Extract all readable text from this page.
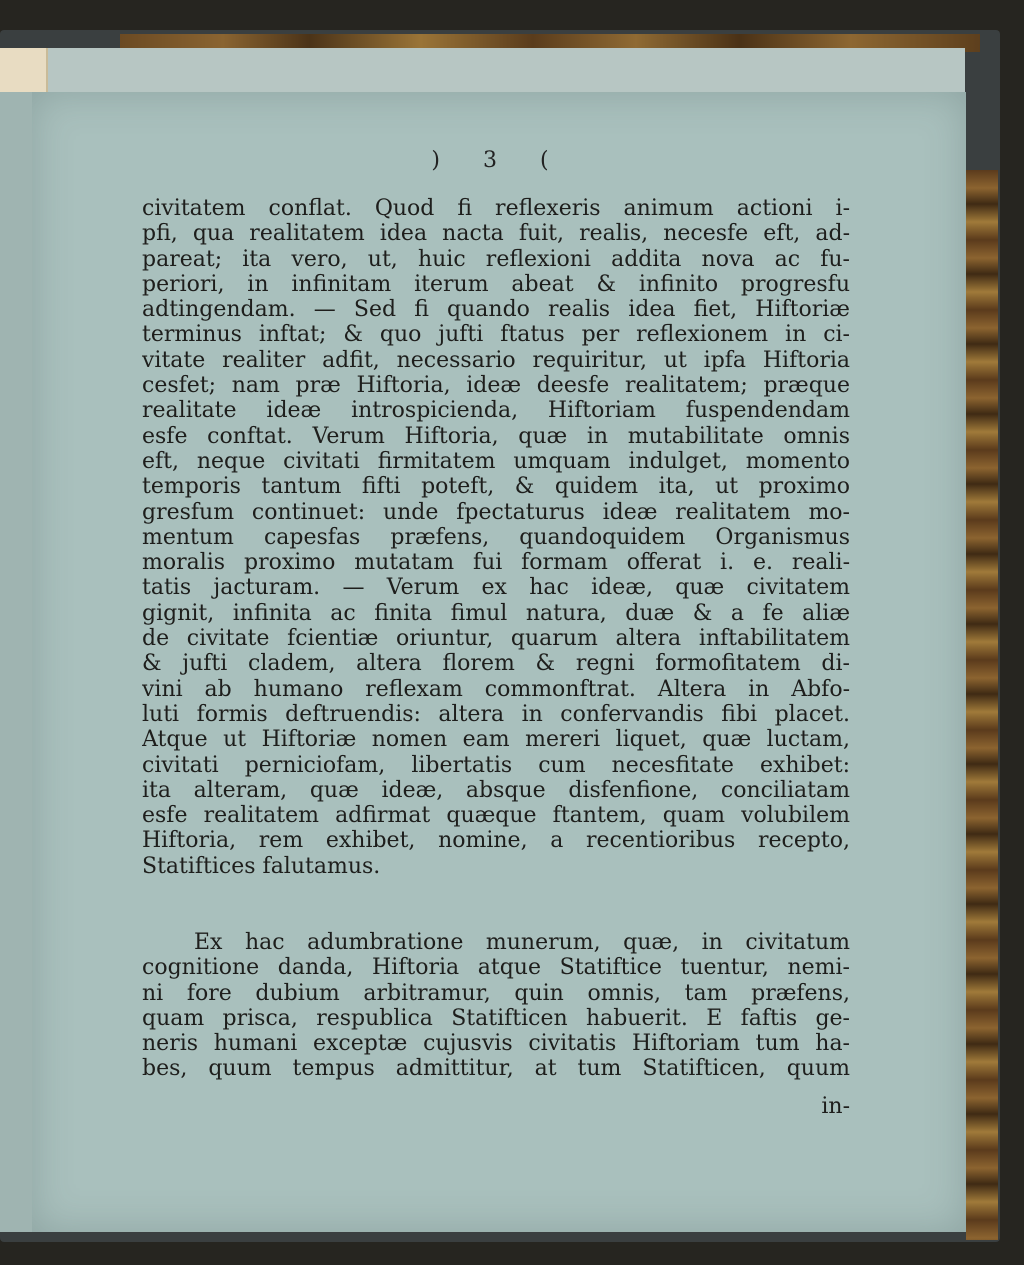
) 3 (
civitatem conflat. Quod fi reflexeris animum actioni i-
pfi, qua realitatem idea nacta fuit, realis, necesfe eft, ad-
pareat; ita vero, ut, huic reflexioni addita nova ac fu-
periori, in infinitam iterum abeat & infinito progresfu
adtingendam. — Sed fi quando realis idea fiet, Hiftoriæ
terminus inftat; & quo jufti ftatus per reflexionem in ci-
vitate realiter adfit, necessario requiritur, ut ipfa Hiftoria
cesfet; nam præ Hiftoria, ideæ deesfe realitatem; præque
realitate ideæ introspicienda, Hiftoriam fuspendendam
esfe conftat. Verum Hiftoria, quæ in mutabilitate omnis
eft, neque civitati firmitatem umquam indulget, momento
temporis tantum fifti poteft, & quidem ita, ut proximo
gresfum continuet: unde fpectaturus ideæ realitatem mo-
mentum capesfas præfens, quandoquidem Organismus
moralis proximo mutatam fui formam offerat i. e. reali-
tatis jacturam. — Verum ex hac ideæ, quæ civitatem
gignit, infinita ac finita fimul natura, duæ & a fe aliæ
de civitate fcientiæ oriuntur, quarum altera inftabilitatem
& jufti cladem, altera florem & regni formofitatem di-
vini ab humano reflexam commonftrat. Altera in Abfo-
luti formis deftruendis: altera in confervandis fibi placet.
Atque ut Hiftoriæ nomen eam mereri liquet, quæ luctam,
civitati perniciofam, libertatis cum necesfitate exhibet:
ita alteram, quæ ideæ, absque disfenfione, conciliatam
esfe realitatem adfirmat quæque ftantem, quam volubilem
Hiftoria, rem exhibet, nomine, a recentioribus recepto,
Statiftices falutamus.
Ex hac adumbratione munerum, quæ, in civitatum
cognitione danda, Hiftoria atque Statiftice tuentur, nemi-
ni fore dubium arbitramur, quin omnis, tam præfens,
quam prisca, respublica Statifticen habuerit. E faftis ge-
neris humani exceptæ cujusvis civitatis Hiftoriam tum ha-
bes, quum tempus admittitur, at tum Statifticen, quum
in-
